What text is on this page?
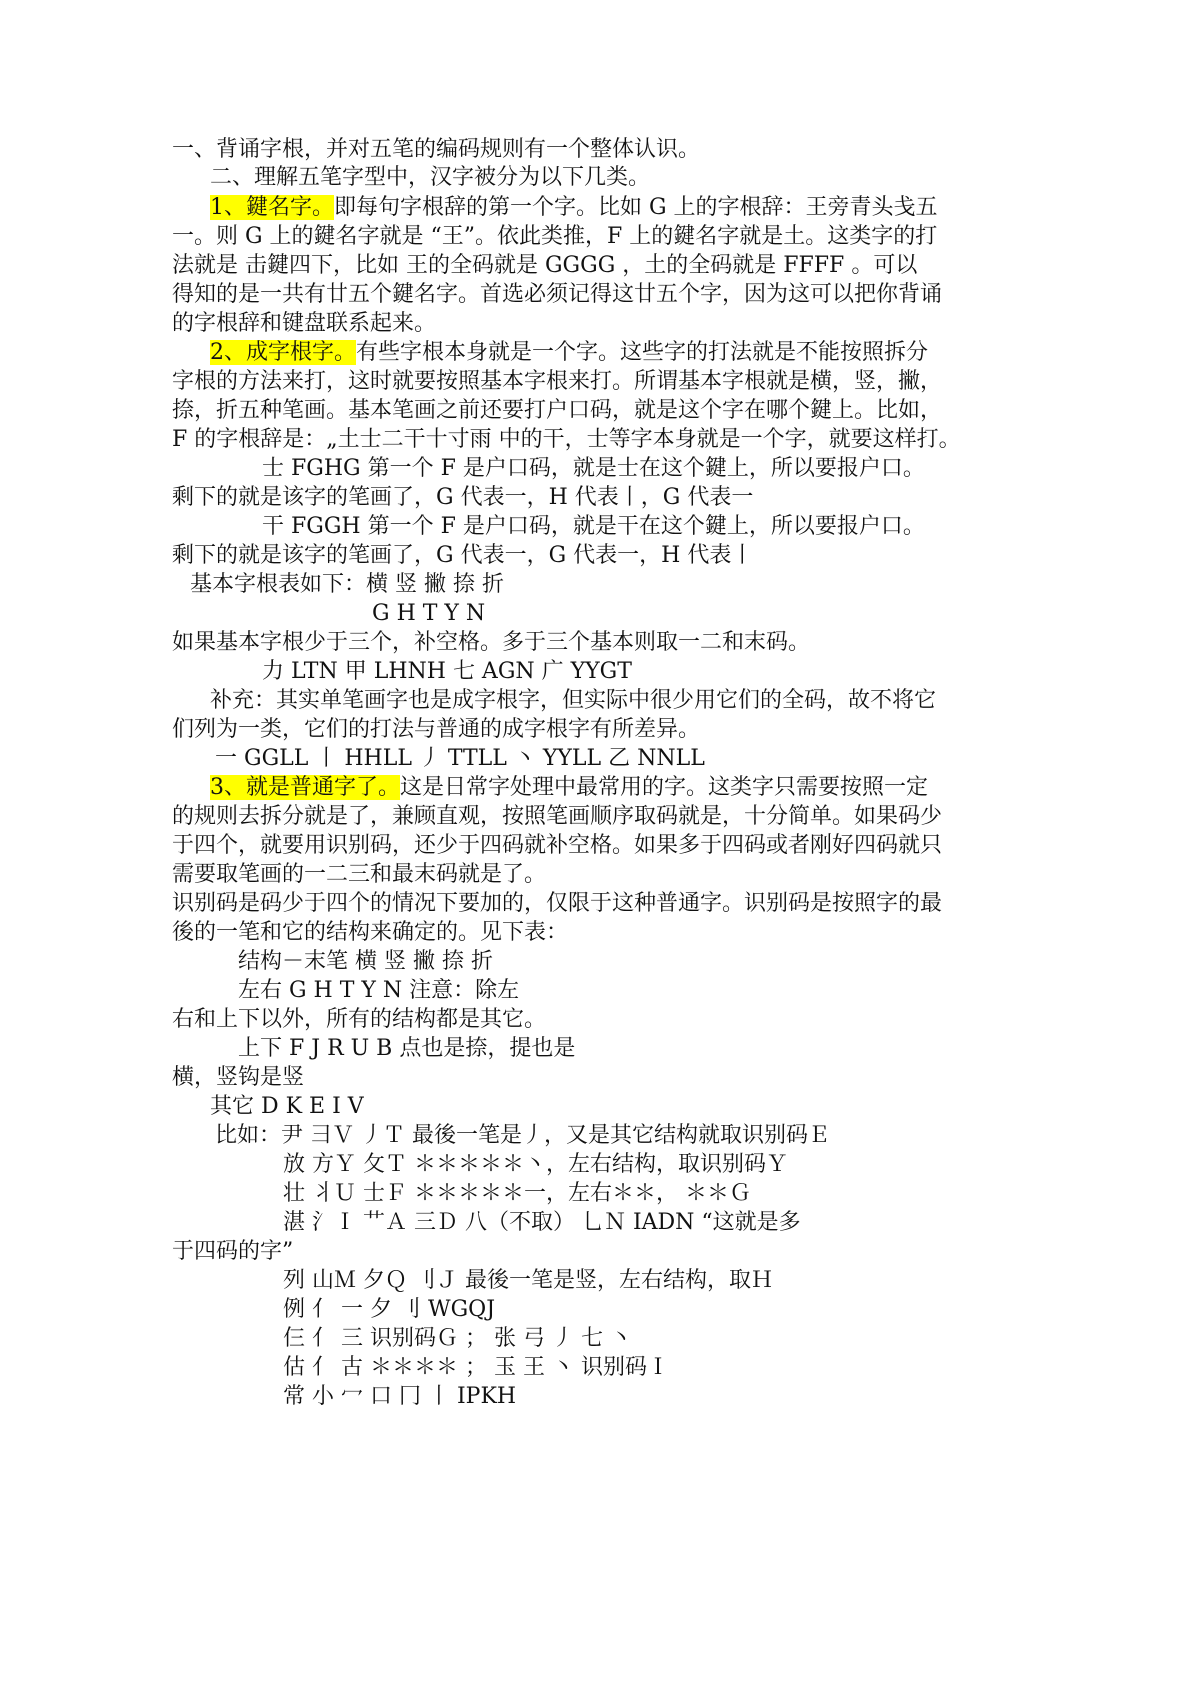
一、背诵字根，并对五笔的编码规则有一个整体认识。
二、理解五笔字型中，汉字被分为以下几类。
1、鍵名字。即每句字根辞的第一个字。比如 G 上的字根辞：王旁青头戋五
一。则 G 上的鍵名字就是 “王”。依此类推，F 上的鍵名字就是土。这类字的打
法就是 击鍵四下，比如 王的全码就是 GGGG ，土的全码就是 FFFF 。可以
得知的是一共有廿五个鍵名字。首选必须记得这廿五个字，因为这可以把你背诵
的字根辞和键盘联系起来。
2、成字根字。有些字根本身就是一个字。这些字的打法就是不能按照拆分
字根的方法来打，这时就要按照基本字根来打。所谓基本字根就是横，竖，撇，
捺，折五种笔画。基本笔画之前还要打户口码，就是这个字在哪个鍵上。比如，
F 的字根辞是：„土士二干十寸雨 中的干，士等字本身就是一个字，就要这样打。
士 FGHG 第一个 F 是户口码，就是士在这个鍵上，所以要报户口。
剩下的就是该字的笔画了，G 代表一，H 代表丨，G 代表一
干 FGGH 第一个 F 是户口码，就是干在这个鍵上，所以要报户口。
剩下的就是该字的笔画了，G 代表一，G 代表一，H 代表丨
基本字根表如下：横 竖 撇 捺 折
G H T Y N
如果基本字根少于三个，补空格。多于三个基本则取一二和末码。
力 LTN 甲 LHNH 七 AGN 广 YYGT
补充：其实单笔画字也是成字根字，但实际中很少用它们的全码，故不将它
们列为一类，它们的打法与普通的成字根字有所差异。
一 GGLL 丨 HHLL 丿 TTLL 丶 YYLL 乙 NNLL
3、就是普通字了。这是日常字处理中最常用的字。这类字只需要按照一定
的规则去拆分就是了，兼顾直观，按照笔画顺序取码就是，十分简单。如果码少
于四个，就要用识别码，还少于四码就补空格。如果多于四码或者刚好四码就只
需要取笔画的一二三和最末码就是了。
识别码是码少于四个的情况下要加的，仅限于这种普通字。识别码是按照字的最
後的一笔和它的结构来确定的。见下表：
结构－末笔 横 竖 撇 捺 折
左右 G H T Y N 注意：除左
右和上下以外，所有的结构都是其它。
上下 F J R U B 点也是捺，提也是
横，竖钩是竖
其它 D K E I V
比如：尹 彐Ｖ 丿Ｔ 最後一笔是丿，又是其它结构就取识别码Ｅ
放 方Ｙ 攵Ｔ ＊＊＊＊＊丶，左右结构，取识别码Ｙ
壮 丬Ｕ 士Ｆ ＊＊＊＊＊一，左右＊＊， ＊＊Ｇ
湛 氵Ｉ 艹Ａ 三Ｄ 八（不取） 乚Ｎ IADN “这就是多
于四码的字”
列 山Ｍ 夕Ｑ 刂Ｊ 最後一笔是竖，左右结构，取Ｈ
例 亻 一 夕 刂 WGQJ
仨 亻 三 识别码Ｇ ； 张 弓 丿 七 丶
估 亻 古 ＊＊＊＊ ； 玉 王 丶 识别码Ｉ
常 小 冖 口 冂 丨 IPKH
